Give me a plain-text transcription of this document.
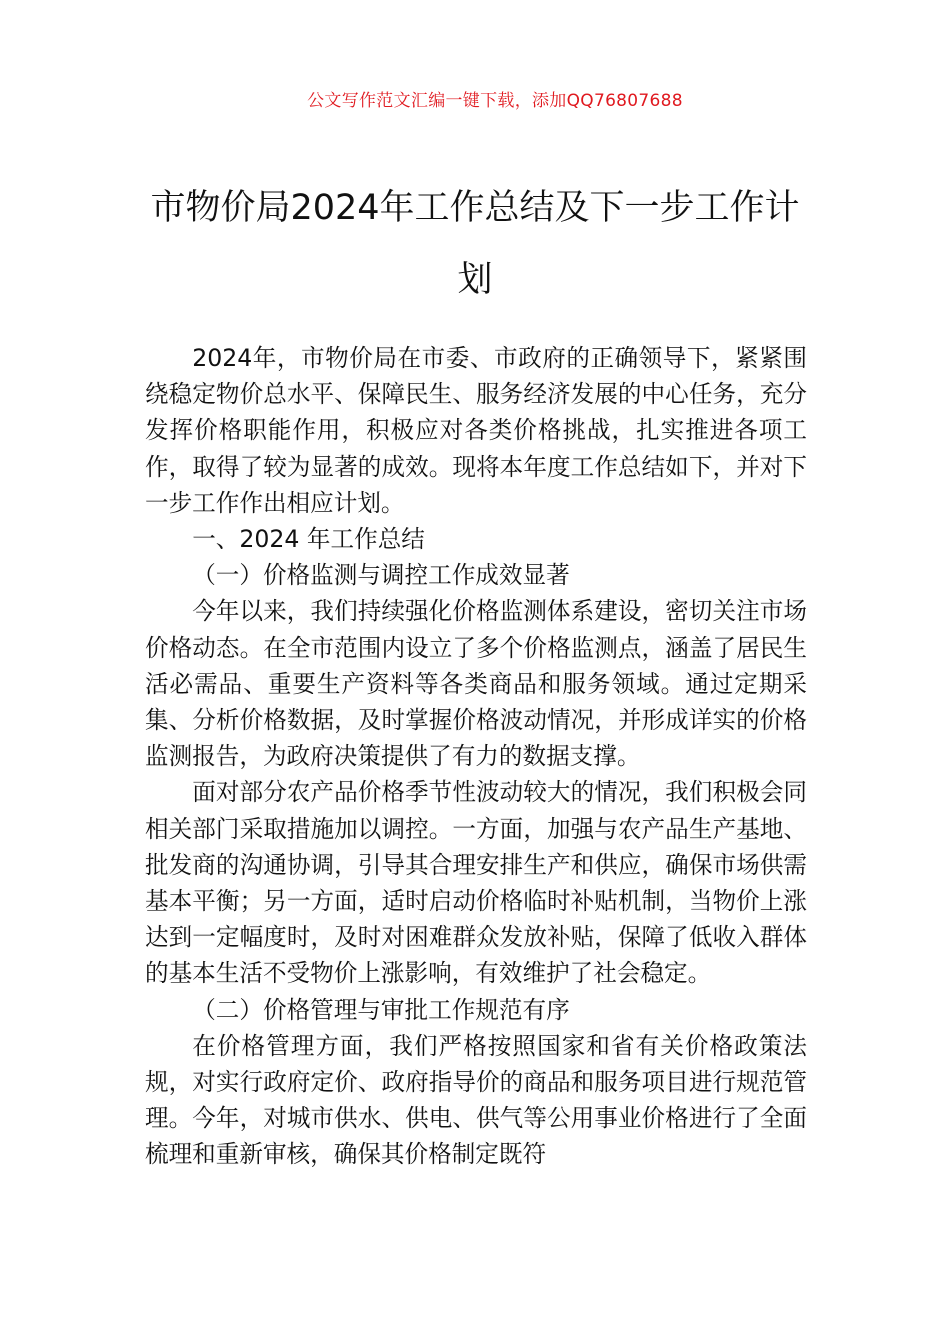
公文写作范文汇编一键下载，添加QQ76807688
市物价局2024年工作总结及下一步工作计划

2024年，市物价局在市委、市政府的正确领导下，紧紧围绕稳定物价总水平、保障民生、服务经济发展的中心任务，充分发挥价格职能作用，积极应对各类价格挑战，扎实推进各项工作，取得了较为显著的成效。现将本年度工作总结如下，并对下一步工作作出相应计划。

一、2024 年工作总结

（一）价格监测与调控工作成效显著

今年以来，我们持续强化价格监测体系建设，密切关注市场价格动态。在全市范围内设立了多个价格监测点，涵盖了居民生活必需品、重要生产资料等各类商品和服务领域。通过定期采集、分析价格数据，及时掌握价格波动情况，并形成详实的价格监测报告，为政府决策提供了有力的数据支撑。

面对部分农产品价格季节性波动较大的情况，我们积极会同相关部门采取措施加以调控。一方面，加强与农产品生产基地、批发商的沟通协调，引导其合理安排生产和供应，确保市场供需基本平衡；另一方面，适时启动价格临时补贴机制，当物价上涨达到一定幅度时，及时对困难群众发放补贴，保障了低收入群体的基本生活不受物价上涨影响，有效维护了社会稳定。

（二）价格管理与审批工作规范有序

在价格管理方面，我们严格按照国家和省有关价格政策法规，对实行政府定价、政府指导价的商品和服务项目进行规范管理。今年，对城市供水、供电、供气等公用事业价格进行了全面梳理和重新审核，确保其价格制定既符
